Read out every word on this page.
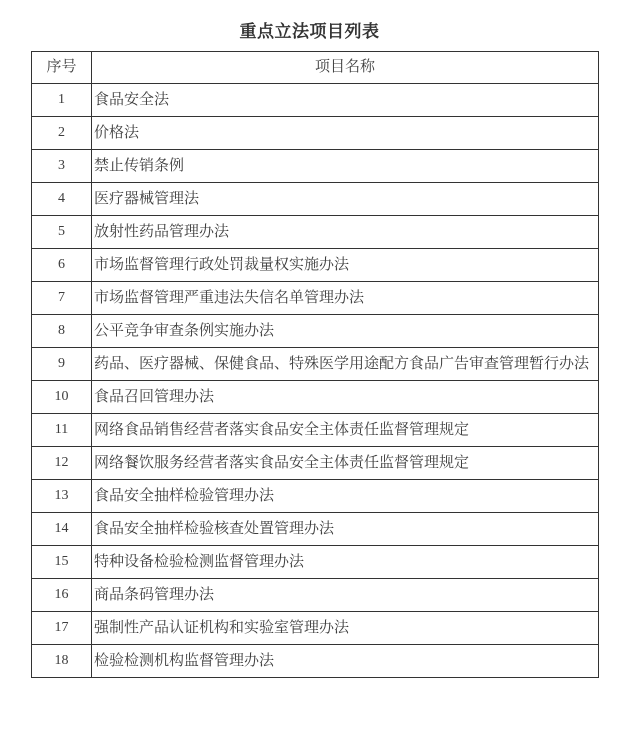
重点立法项目列表
序号	项目名称
1	食品安全法
2	价格法
3	禁止传销条例
4	医疗器械管理法
5	放射性药品管理办法
6	市场监督管理行政处罚裁量权实施办法
7	市场监督管理严重违法失信名单管理办法
8	公平竞争审查条例实施办法
9	药品、医疗器械、保健食品、特殊医学用途配方食品广告审查管理暂行办法
10	食品召回管理办法
11	网络食品销售经营者落实食品安全主体责任监督管理规定
12	网络餐饮服务经营者落实食品安全主体责任监督管理规定
13	食品安全抽样检验管理办法
14	食品安全抽样检验核查处置管理办法
15	特种设备检验检测监督管理办法
16	商品条码管理办法
17	强制性产品认证机构和实验室管理办法
18	检验检测机构监督管理办法
